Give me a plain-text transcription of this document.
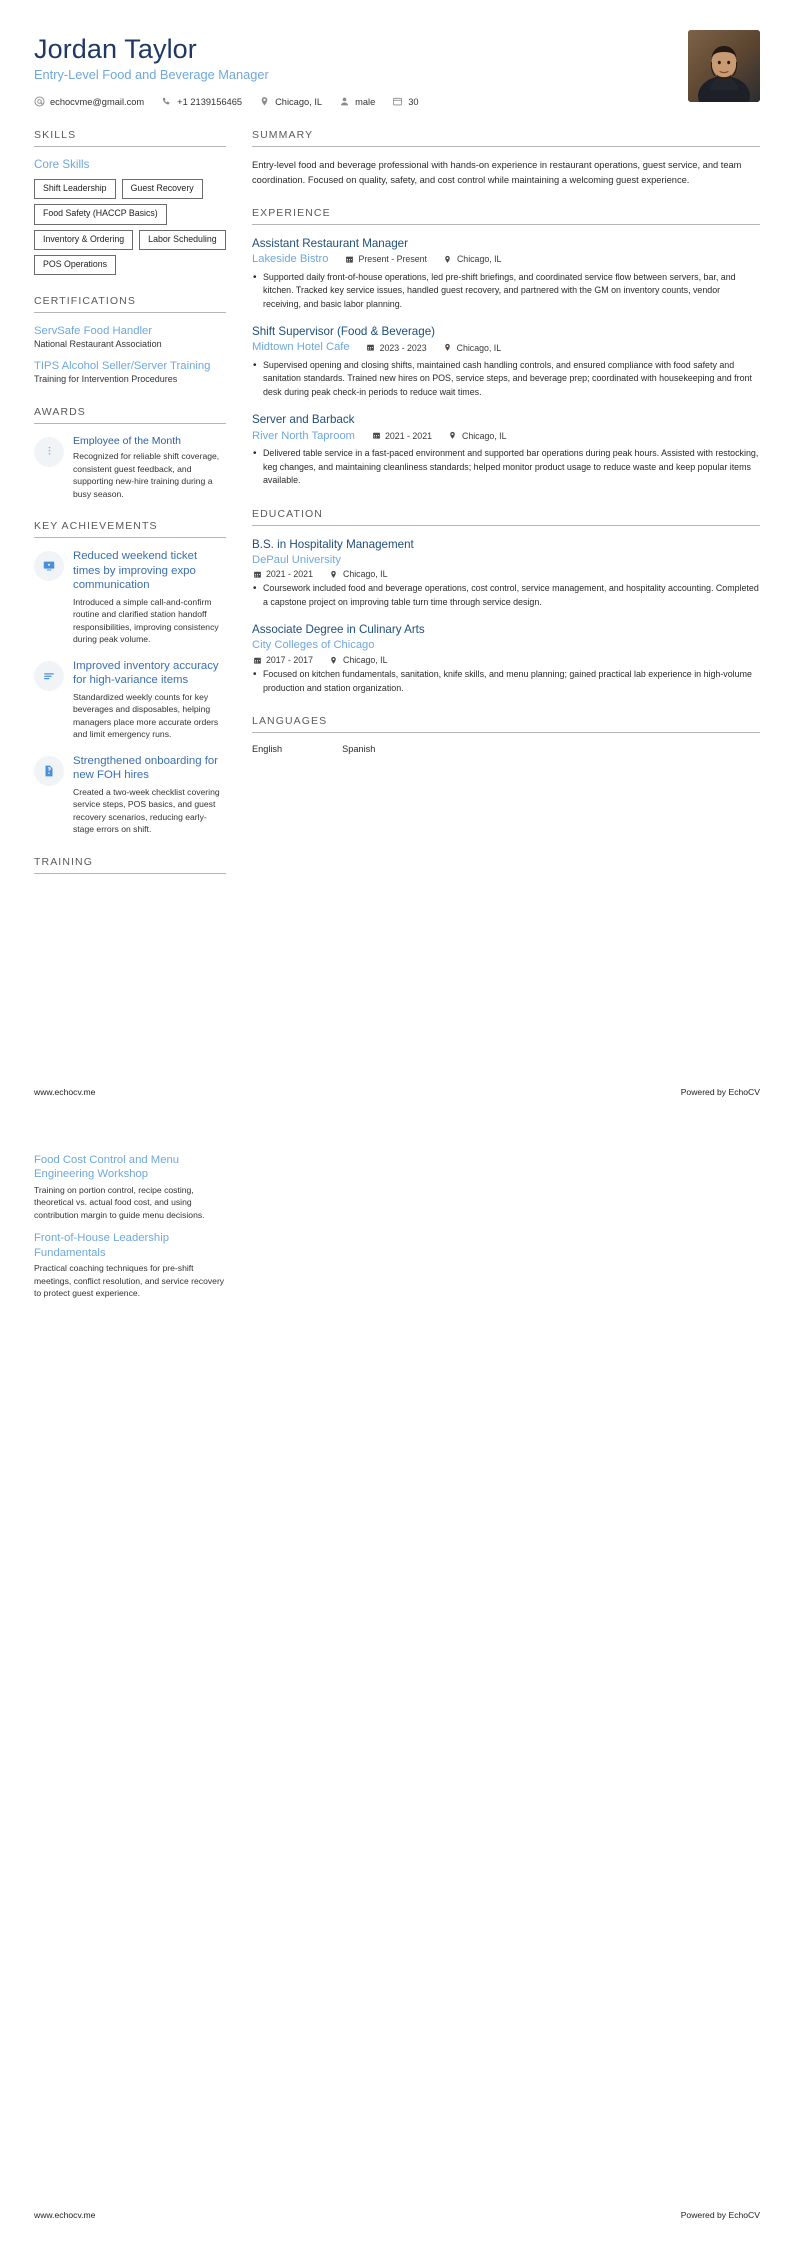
Jordan Taylor
Entry-Level Food and Beverage Manager
echocvme@gmail.com	+1 2139156465	Chicago, IL	male	30
SKILLS
Core Skills
Shift Leadership	Guest Recovery
Food Safety (HACCP Basics)
Inventory & Ordering	Labor Scheduling
POS Operations
CERTIFICATIONS
ServSafe Food Handler
National Restaurant Association
TIPS Alcohol Seller/Server Training
Training for Intervention Procedures
AWARDS
Employee of the Month
Recognized for reliable shift coverage, consistent guest feedback, and supporting new-hire training during a busy season.
KEY ACHIEVEMENTS
Reduced weekend ticket times by improving expo communication
Introduced a simple call-and-confirm routine and clarified station handoff responsibilities, improving consistency during peak volume.
Improved inventory accuracy for high-variance items
Standardized weekly counts for key beverages and disposables, helping managers place more accurate orders and limit emergency runs.
Strengthened onboarding for new FOH hires
Created a two-week checklist covering service steps, POS basics, and guest recovery scenarios, reducing early-stage errors on shift.
TRAINING
SUMMARY
Entry-level food and beverage professional with hands-on experience in restaurant operations, guest service, and team coordination. Focused on quality, safety, and cost control while maintaining a welcoming guest experience.
EXPERIENCE
Assistant Restaurant Manager
Lakeside Bistro	Present - Present	Chicago, IL
• Supported daily front-of-house operations, led pre-shift briefings, and coordinated service flow between servers, bar, and kitchen. Tracked key service issues, handled guest recovery, and partnered with the GM on inventory counts, vendor receiving, and basic labor planning.
Shift Supervisor (Food & Beverage)
Midtown Hotel Cafe	2023 - 2023	Chicago, IL
• Supervised opening and closing shifts, maintained cash handling controls, and ensured compliance with food safety and sanitation standards. Trained new hires on POS, service steps, and beverage prep; coordinated with housekeeping and front desk during peak check-in periods to reduce wait times.
Server and Barback
River North Taproom	2021 - 2021	Chicago, IL
• Delivered table service in a fast-paced environment and supported bar operations during peak hours. Assisted with restocking, keg changes, and maintaining cleanliness standards; helped monitor product usage to reduce waste and keep popular items available.
EDUCATION
B.S. in Hospitality Management
DePaul University
2021 - 2021	Chicago, IL
• Coursework included food and beverage operations, cost control, service management, and hospitality accounting. Completed a capstone project on improving table turn time through service design.
Associate Degree in Culinary Arts
City Colleges of Chicago
2017 - 2017	Chicago, IL
• Focused on kitchen fundamentals, sanitation, knife skills, and menu planning; gained practical lab experience in high-volume production and station organization.
LANGUAGES
English	Spanish
www.echocv.me	Powered by EchoCV
Food Cost Control and Menu Engineering Workshop
Training on portion control, recipe costing, theoretical vs. actual food cost, and using contribution margin to guide menu decisions.
Front-of-House Leadership Fundamentals
Practical coaching techniques for pre-shift meetings, conflict resolution, and service recovery to protect guest experience.
www.echocv.me	Powered by EchoCV
